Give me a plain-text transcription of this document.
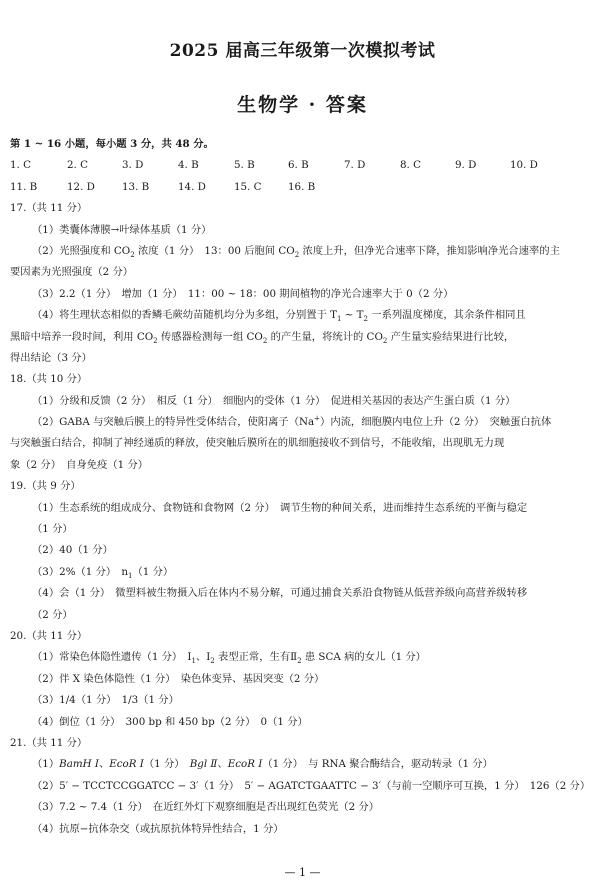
2025 届高三年级第一次模拟考试
生物学 · 答案
第 1 ~ 16 小题，每小题 3 分，共 48 分。
1. C	2. C	3. D	4. B	5. B	6. B	7. D	8. C	9. D	10. D
11. B	12. D	13. B	14. D	15. C	16. B
17.（共 11 分）
（1）类囊体薄膜→叶绿体基质（1 分）
（2）光照强度和 $CO_2$ 浓度（1 分）　13：00 后胞间 $CO_2$ 浓度上升，但净光合速率下降，推知影响净光合速率的主
要因素为光照强度（2 分）
（3）2.2（1 分）　增加（1 分）　11：00 ~ 18：00 期间植物的净光合速率大于 0（2 分）
（4）将生理状态相似的香鳞毛蕨幼苗随机均分为多组，分别置于 $T_1$ ~ $T_2$ 一系列温度梯度，其余条件相同且
黑暗中培养一段时间，利用 $CO_2$ 传感器检测每一组 $CO_2$ 的产生量，将统计的 $CO_2$ 产生量实验结果进行比较，
得出结论（3 分）
18.（共 10 分）
（1）分级和反馈（2 分）　相反（1 分）　细胞内的受体（1 分）　促进相关基因的表达产生蛋白质（1 分）
（2）GABA 与突触后膜上的特异性受体结合，使阳离子（Na+）内流，细胞膜内电位上升（2 分）　突触蛋白抗体
与突触蛋白结合，抑制了神经递质的释放，使突触后膜所在的肌细胞接收不到信号，不能收缩，出现肌无力现
象（2 分）　自身免疫（1 分）
19.（共 9 分）
（1）生态系统的组成成分、食物链和食物网（2 分）　调节生物的种间关系，进而维持生态系统的平衡与稳定
（1 分）
（2）40（1 分）
（3）2%（1 分）　$n_1(1$ 分）
（4）会（1 分）　微塑料被生物摄入后在体内不易分解，可通过捕食关系沿食物链从低营养级向高营养级转移
（2 分）
20.（共 11 分）
（1）常染色体隐性遗传（1 分）　$Ⅰ_1$、$Ⅰ_2$ 表型正常，生有$Ⅱ_2$ 患 SCA 病的女儿（1 分）
（2）伴 X 染色体隐性（1 分）　染色体变异、基因突变（2 分）
（3）1/4（1 分）　1/3（1 分）
（4）倒位（1 分）　300 bp 和 450 bp（2 分）　0（1 分）
21.（共 11 分）
（1）BamH Ⅰ、EcoR Ⅰ（1 分）　Bgl Ⅱ、EcoR Ⅰ（1 分）　与 RNA 聚合酶结合，驱动转录（1 分）
（2）5′ − TCCTCCGGATCC − 3′（1 分）　5′ − AGATCTGAATTC − 3′（与前一空顺序可互换，1 分）　126（2 分）
（3）7.2 ~ 7.4（1 分）　在近红外灯下观察细胞是否出现红色荧光（2 分）
（4）抗原−抗体杂交（或抗原抗体特异性结合，1 分）
— 1 —
